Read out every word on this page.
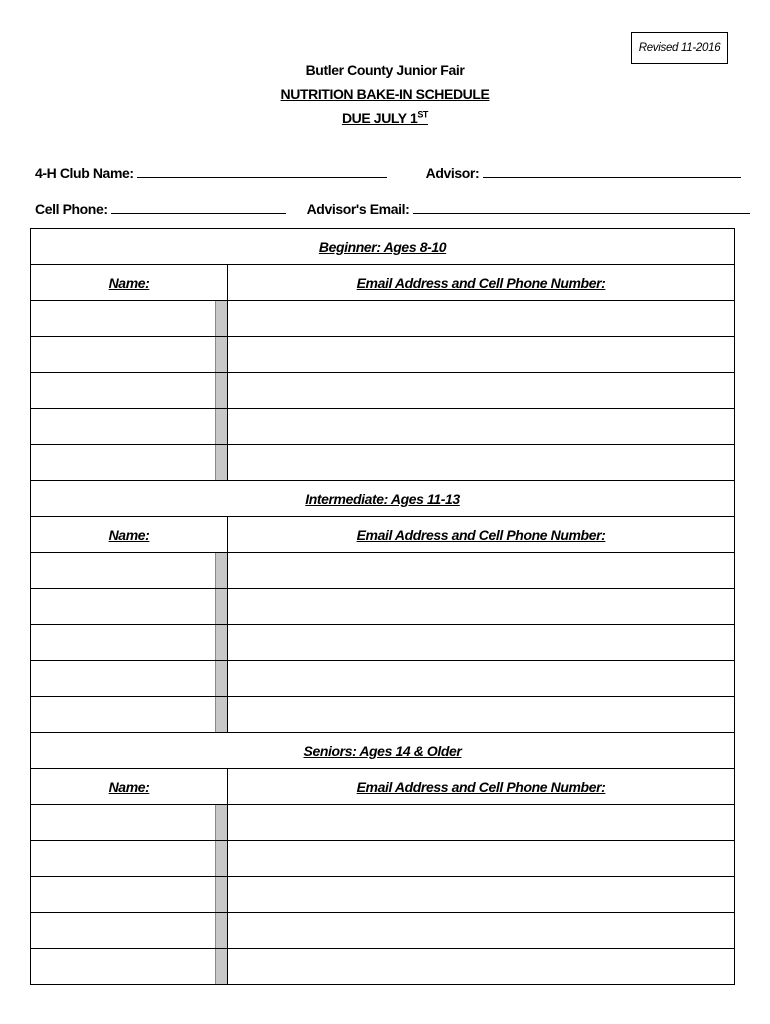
Revised 11-2016
Butler County Junior Fair
NUTRITION BAKE-IN SCHEDULE
DUE JULY 1ST
4-H Club Name:	Advisor:
Cell Phone:	Advisor's Email:
Beginner: Ages 8-10	
Name:	Email Address and Cell Phone Number:

Intermediate: Ages 11-13	
Name:	Email Address and Cell Phone Number:

Seniors: Ages 14 & Older	
Name:	Email Address and Cell Phone Number:
